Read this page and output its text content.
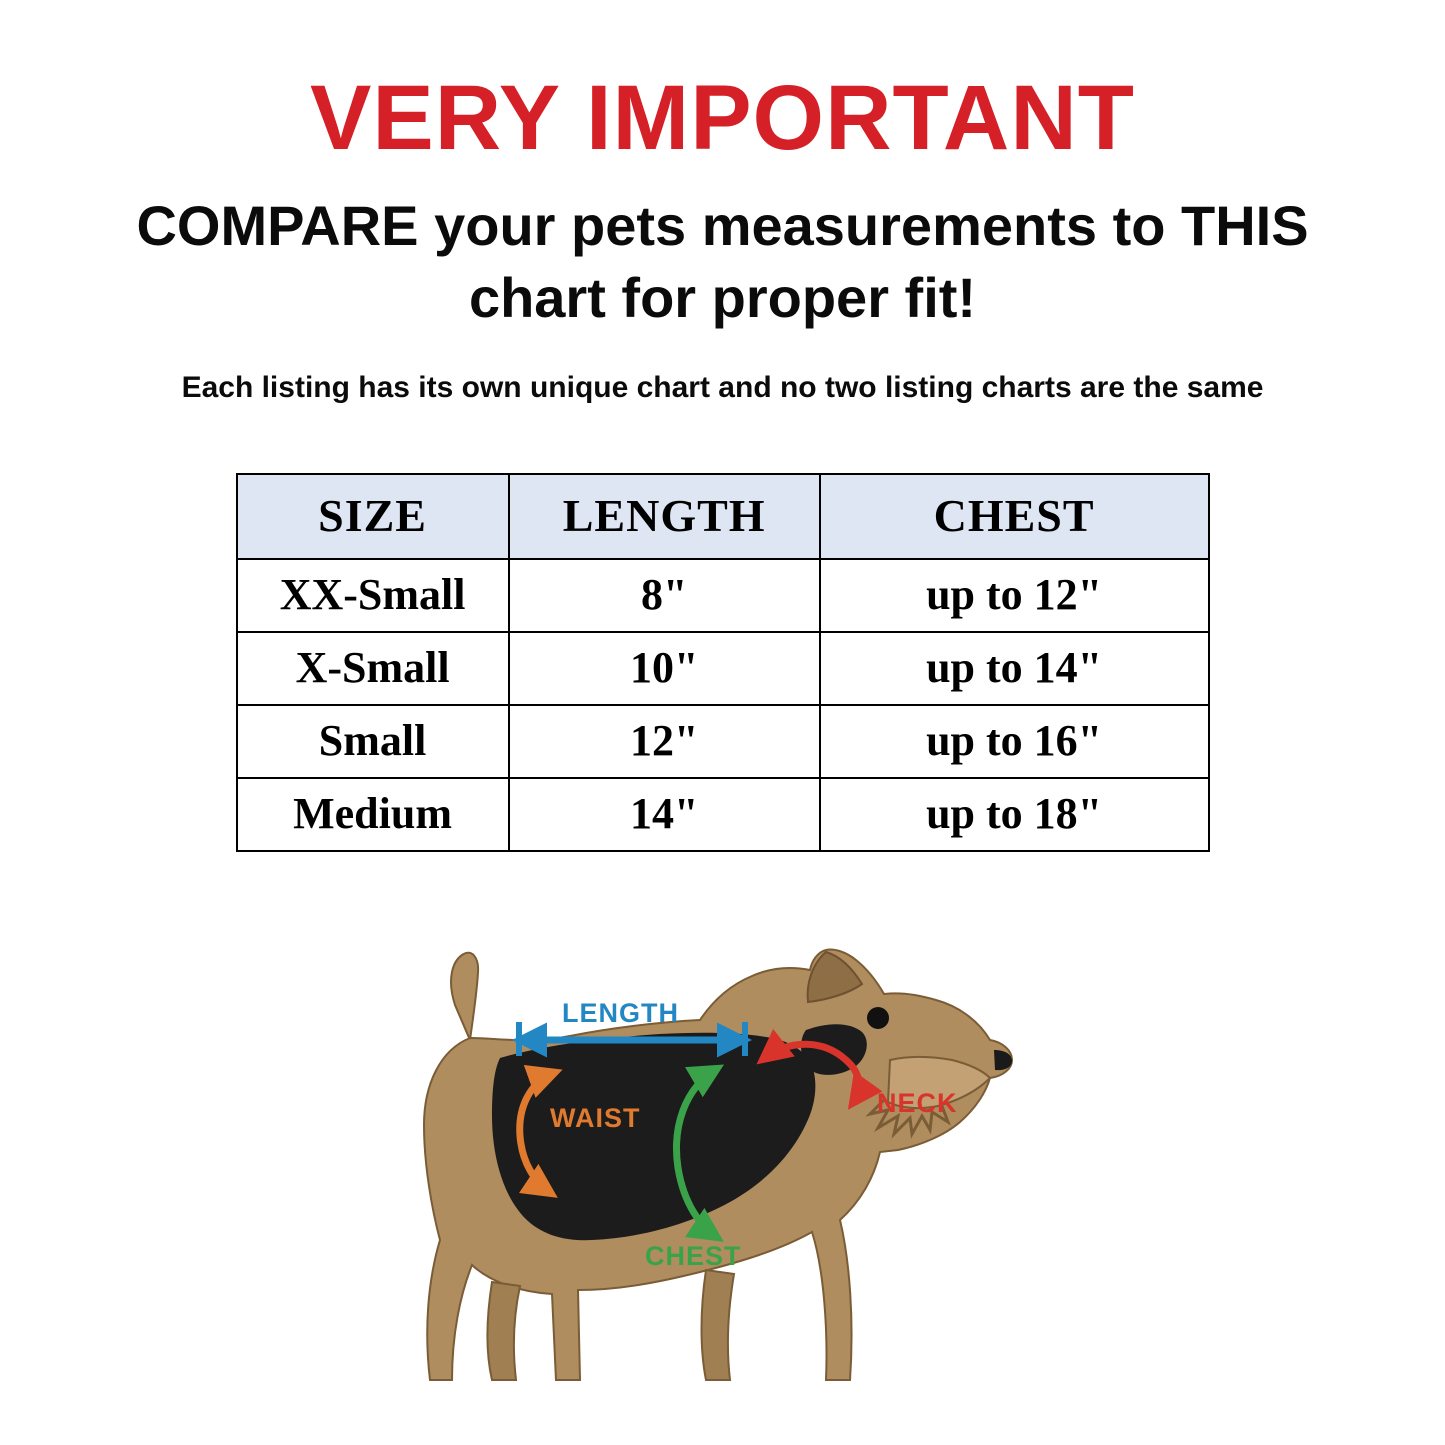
VERY IMPORTANT
COMPARE your pets measurements to THIS chart for proper fit!
Each listing has its own unique chart and no two listing charts are the same
SIZE	LENGTH	CHEST
XX-Small	8"	up to 12"
X-Small	10"	up to 14"
Small	12"	up to 16"
Medium	14"	up to 18"
LENGTH
WAIST	NECK
CHEST
